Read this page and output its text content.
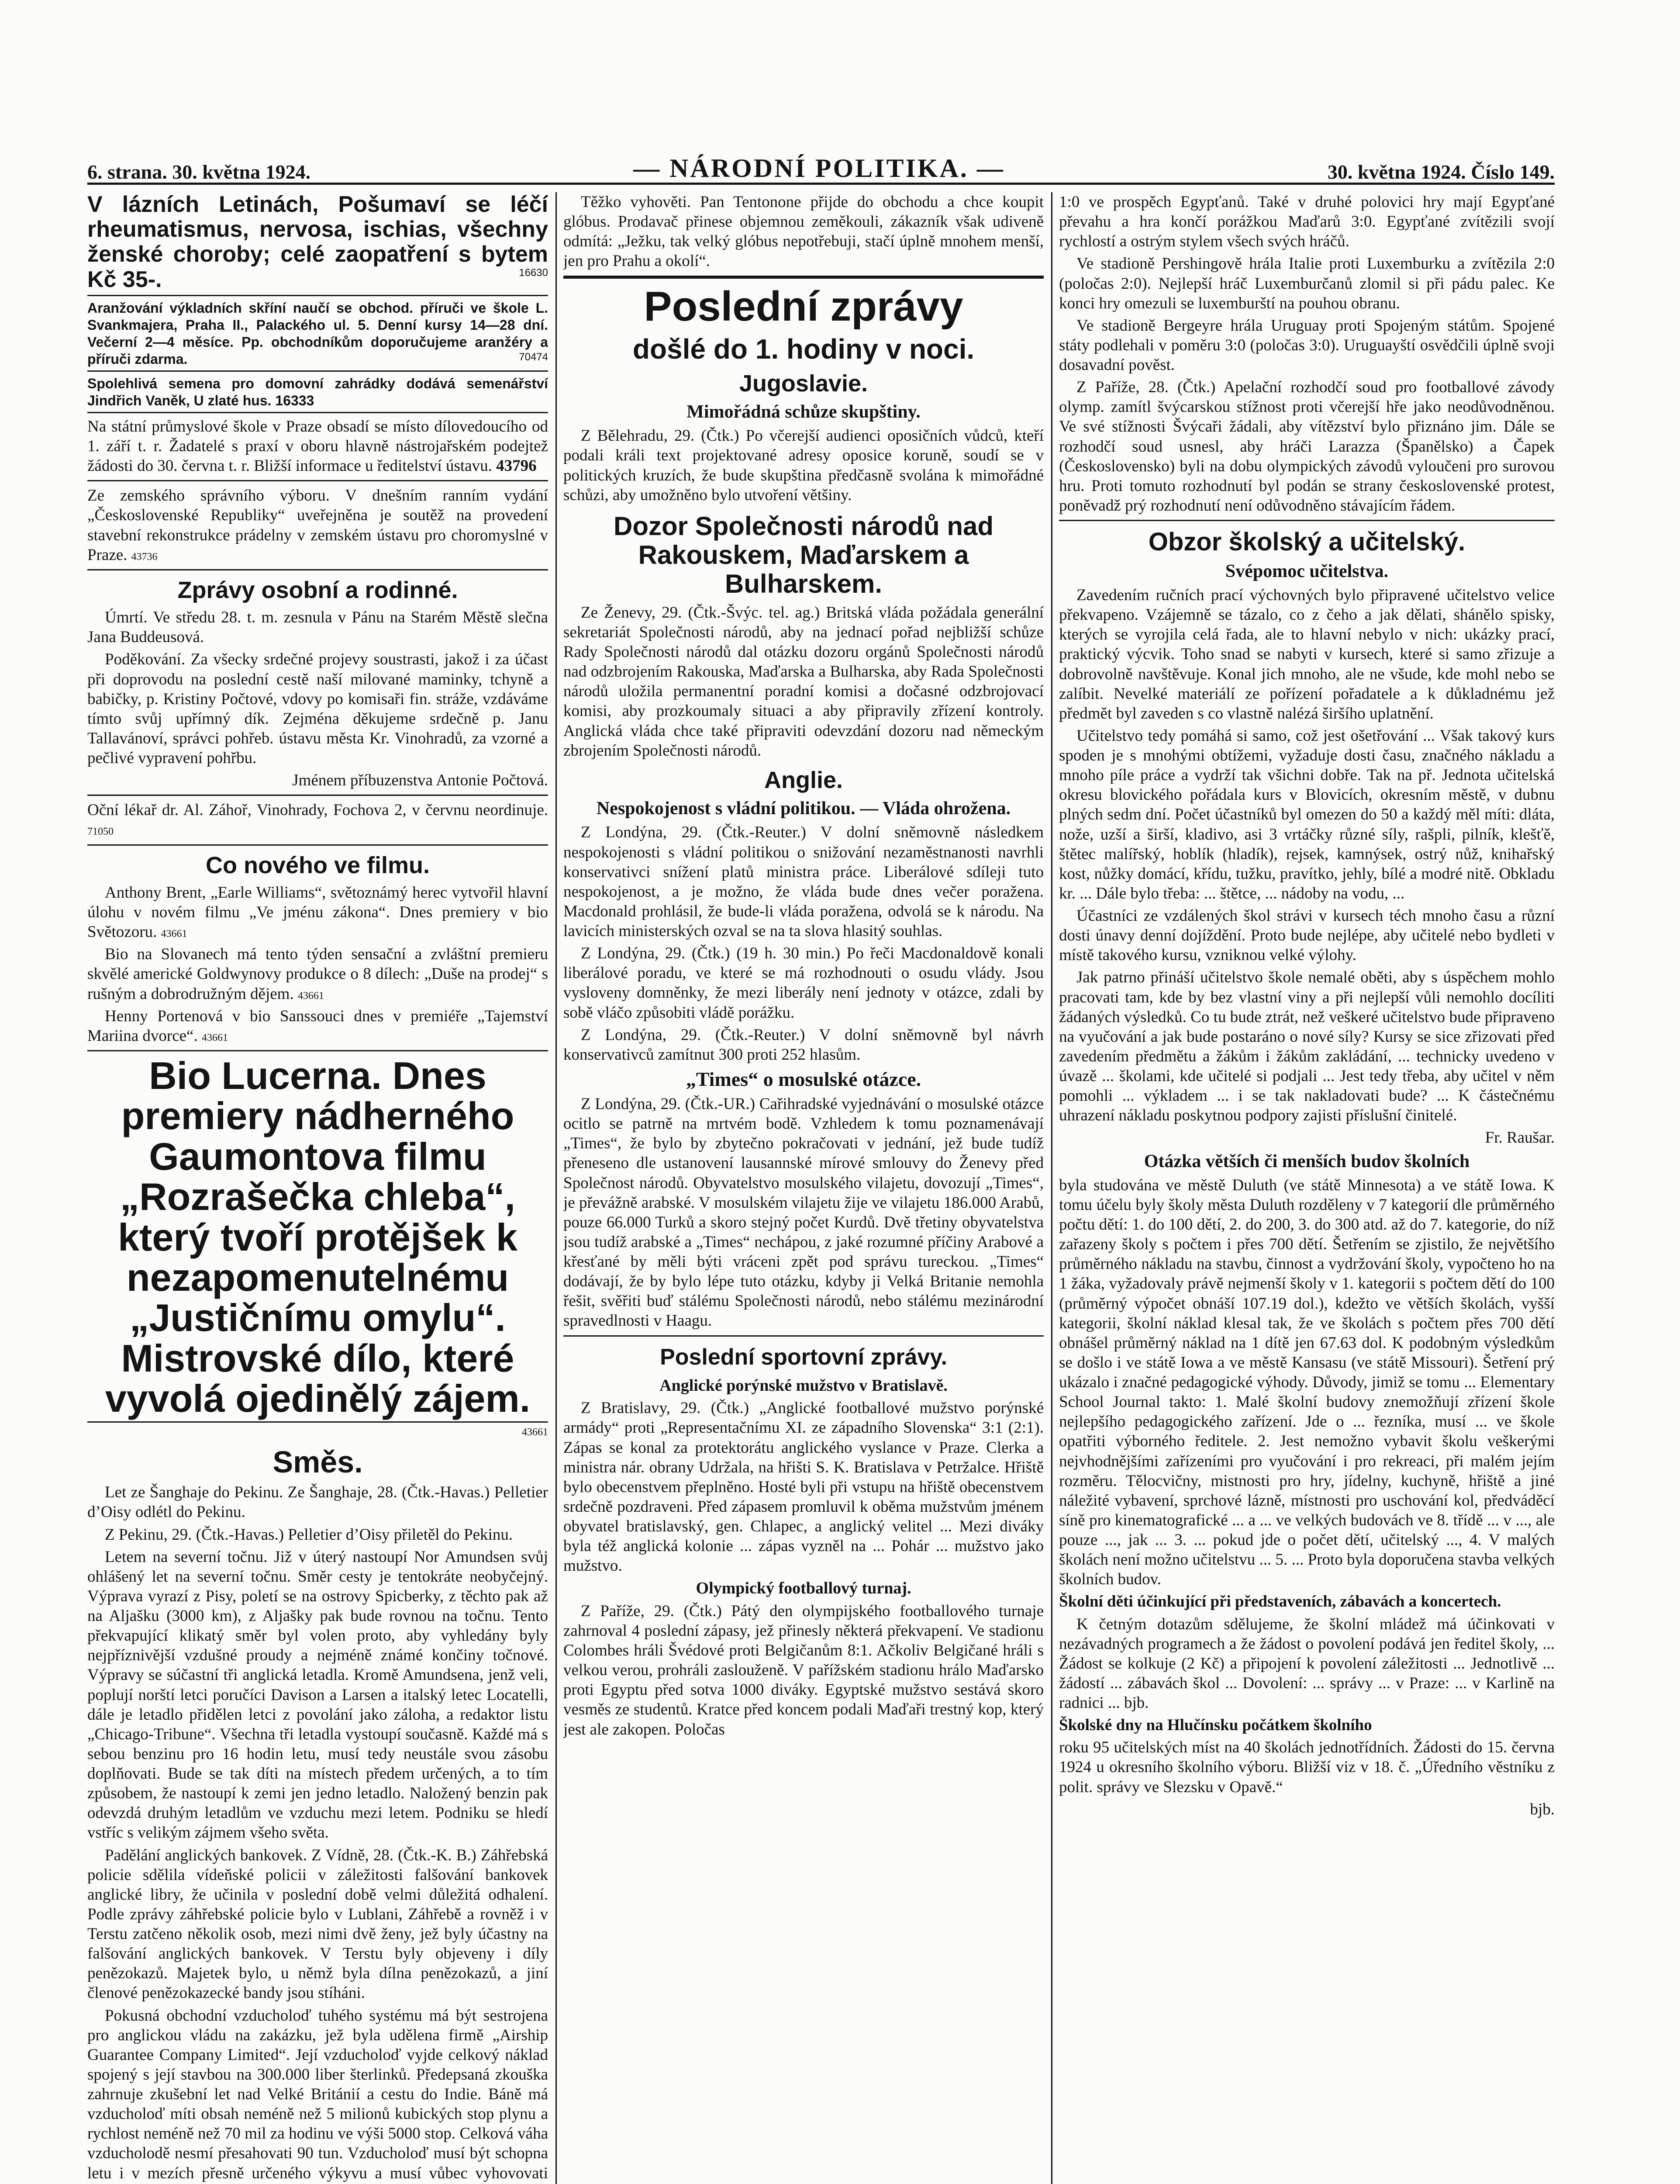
6. strana. 30. května 1924.	— NÁRODNÍ POLITIKA. —	30. května 1924. Číslo 149.

V lázních Letinách, Pošumaví se léčí rheumatismus, nervosa, ischias, všechny ženské choroby; celé zaopatření s bytem Kč 35-.	16630

Aranžování výkladních skříní naučí se obchod. příruči ve škole L. Svankmajera, Praha II., Palackého ul. 5. Denní kursy 14—28 dní. Večerní 2—4 měsíce. Pp. obchodníkům doporučujeme aranžéry a příruči zdarma.	70474

Spolehlivá semena pro domovní zahrádky dodává semenářství Jindřich Vaněk, U zlaté hus. 16333

Na státní průmyslové škole v Praze obsadí se místo dílovedoucího od 1. září t. r. Žadatelé s praxí v oboru hlavně nástrojařském podejtež žádosti do 30. června t. r. Bližší informace u ředitelství ústavu. 43796

Ze zemského správního výboru. V dnešním ranním vydání „Československé Republiky“ uveřejněna je soutěž na provedení stavební rekonstrukce prádelny v zemském ústavu pro choromyslné v Praze. 43736

Zprávy osobní a rodinné.

Úmrtí. Ve středu 28. t. m. zesnula v Pánu na Starém Městě slečna Jana Buddeusová.

Poděkování. Za všecky srdečné projevy soustrasti, jakož i za účast při doprovodu na poslední cestě naší milované maminky, tchyně a babičky, p. Kristiny Počtové, vdovy po komisaři fin. stráže, vzdáváme tímto svůj upřímný dík. Zejména děkujeme srdečně p. Janu Tallavánoví, správci pohřeb. ústavu města Kr. Vinohradů, za vzorné a pečlivé vypravení pohřbu.

Jménem příbuzenstva Antonie Počtová.

Oční lékař dr. Al. Záhoř, Vinohrady, Fochova 2, v červnu neordinuje. 71050

Co nového ve filmu.

Anthony Brent, „Earle Williams“, světoznámý herec vytvořil hlavní úlohu v novém filmu „Ve jménu zákona“. Dnes premiery v bio Světozoru. 43661

Bio na Slovanech má tento týden sensační a zvláštní premieru skvělé americké Goldwynovy produkce o 8 dílech: „Duše na prodej“ s rušným a dobrodružným dějem. 43661

Henny Portenová v bio Sanssouci dnes v premiéře „Tajemství Mariina dvorce“. 43661

Bio Lucerna. Dnes premiery nádherného Gaumontova filmu „Rozrašečka chleba“, který tvoří protějšek k nezapomenutelnému „Justičnímu omylu“. Mistrovské dílo, které vyvolá ojedinělý zájem.

43661

Směs.

Let ze Šanghaje do Pekinu. Ze Šanghaje, 28. (Čtk.-Havas.) Pelletier d’Oisy odlétl do Pekinu.

Z Pekinu, 29. (Čtk.-Havas.) Pelletier d’Oisy přiletěl do Pekinu.

Letem na severní točnu. Již v úterý nastoupí Nor Amundsen svůj ohlášený let na severní točnu. Směr cesty je tentokráte neobyčejný. Výprava vyrazí z Pisy, poletí se na ostrovy Spicberky, z těchto pak až na Aljašku (3000 km), z Aljašky pak bude rovnou na točnu. Tento překvapující klikatý směr byl volen proto, aby vyhledány byly nejpříznivější vzdušné proudy a nejméně známé končiny točnové. Výpravy se súčastní tři anglická letadla. Kromě Amundsena, jenž veli, poplují norští letci poručíci Davison a Larsen a italský letec Locatelli, dále je letadlo přidělen letci z povolání jako záloha, a redaktor listu „Chicago-Tribune“. Všechna tři letadla vystoupí současně. Každé má s sebou benzinu pro 16 hodin letu, musí tedy neustále svou zásobu doplňovati. Bude se tak díti na místech předem určených, a to tím způsobem, že nastoupí k zemi jen jedno letadlo. Naložený benzin pak odevzdá druhým letadlům ve vzduchu mezi letem. Podniku se hledí vstříc s velikým zájmem všeho světa.

Padělání anglických bankovek. Z Vídně, 28. (Čtk.-K. B.) Záhřebská policie sdělila vídeňské policii v záležitosti falšování bankovek anglické libry, že učinila v poslední době velmi důležitá odhalení. Podle zprávy záhřebské policie bylo v Lublani, Záhřebě a rovněž i v Terstu zatčeno několik osob, mezi nimi dvě ženy, jež byly účastny na falšování anglických bankovek. V Terstu byly objeveny i díly penězokazů. Majetek bylo, u němž byla dílna penězokazů, a jiní členové penězokazecké bandy jsou stíháni.

Pokusná obchodní vzducholoď tuhého systému má být sestrojena pro anglickou vládu na zakázku, jež byla udělena firmě „Airship Guarantee Company Limited“. Její vzducholoď vyjde celkový náklad spojený s její stavbou na 300.000 liber šterlinků. Předepsaná zkouška zahrnuje zkušební let nad Velké Británií a cestu do Indie. Báně má vzducholoď míti obsah neméně než 5 milionů kubických stop plynu a rychlost neméně než 70 mil za hodinu ve výši 5000 stop. Celková váha vzducholodě nesmí přesahovati 90 tun. Vzducholoď musí být schopna letu i v mezích přesně určeného výkyvu a musí vůbec vyhovovati

Těžko vyhověti. Pan Tentonone přijde do obchodu a chce koupit glóbus. Prodavač přinese objemnou zeměkouli, zákazník však udiveně odmítá: „Ježku, tak velký glóbus nepotřebuji, stačí úplně mnohem menší, jen pro Prahu a okolí“.

Poslední zprávy
došlé do 1. hodiny v noci.
Jugoslavie.
Mimořádná schůze skupštiny.

Z Bělehradu, 29. (Čtk.) Po včerejší audienci oposičních vůdců, kteří podali králi text projektované adresy oposice koruně, soudí se v politických kruzích, že bude skupština předčasně svolána k mimořádné schůzi, aby umožněno bylo utvoření většiny.

Dozor Společnosti národů nad Rakouskem, Maďarskem a Bulharskem.

Ze Ženevy, 29. (Čtk.-Švýc. tel. ag.) Britská vláda požádala generální sekretariát Společnosti národů, aby na jednací pořad nejbližší schůze Rady Společnosti národů dal otázku dozoru orgánů Společnosti národů nad odzbrojením Rakouska, Maďarska a Bulharska, aby Rada Společnosti národů uložila permanentní poradní komisi a dočasné odzbrojovací komisi, aby prozkoumaly situaci a aby připravily zřízení kontroly. Anglická vláda chce také připraviti odevzdání dozoru nad německým zbrojením Společnosti národů.

Anglie.
Nespokojenost s vládní politikou. — Vláda ohrožena.

Z Londýna, 29. (Čtk.-Reuter.) V dolní sněmovně následkem nespokojenosti s vládní politikou o snižování nezaměstnanosti navrhli konservativci snížení platů ministra práce. Liberálové sdíleji tuto nespokojenost, a je možno, že vláda bude dnes večer poražena. Macdonald prohlásil, že bude-li vláda poražena, odvolá se k národu. Na lavicích ministerských ozval se na ta slova hlasitý souhlas.

Z Londýna, 29. (Čtk.) (19 h. 30 min.) Po řeči Macdonaldově konali liberálové poradu, ve které se má rozhodnouti o osudu vlády. Jsou vysloveny domněnky, že mezi liberály není jednoty v otázce, zdali by sobě vláčo způsobiti vládě porážku.

Z Londýna, 29. (Čtk.-Reuter.) V dolní sněmovně byl návrh konservativců zamítnut 300 proti 252 hlasům.

„Times“ o mosulské otázce.

Z Londýna, 29. (Čtk.-UR.) Cařihradské vyjednávání o mosulské otázce ocitlo se patrně na mrtvém bodě. Vzhledem k tomu poznamenávají „Times“, že bylo by zbytečno pokračovati v jednání, jež bude tudíž přeneseno dle ustanovení lausannské mírové smlouvy do Ženevy před Společnost národů. Obyvatelstvo mosulského vilajetu, dovozují „Times“, je převážně arabské. V mosulském vilajetu žije ve vilajetu 186.000 Arabů, pouze 66.000 Turků a skoro stejný počet Kurdů. Dvě třetiny obyvatelstva jsou tudíž arabské a „Times“ nechápou, z jaké rozumné příčiny Arabové a křesťané by měli býti vráceni zpět pod správu tureckou. „Times“ dodávají, že by bylo lépe tuto otázku, kdyby ji Velká Britanie nemohla řešit, svěřiti buď stálému Společnosti národů, nebo stálému mezinárodní spravedlnosti v Haagu.

Poslední sportovní zprávy.
Anglické porýnské mužstvo v Bratislavě.

Z Bratislavy, 29. (Čtk.) „Anglické footballové mužstvo porýnské armády“ proti „Representačnímu XI. ze západního Slovenska“ 3:1 (2:1). Zápas se konal za protektorátu anglického vyslance v Praze. Clerka a ministra nár. obrany Udržala, na hřišti S. K. Bratislava v Petržalce. Hřiště bylo obecenstvem přeplněno. Hosté byli při vstupu na hřiště obecenstvem srdečně pozdraveni. Před zápasem promluvil k oběma mužstvům jménem obyvatel bratislavský, gen. Chlapec, a anglický velitel ... Mezi diváky byla též anglická kolonie ... zápas vyzněl na ... Pohár ... mužstvo jako mužstvo.

Olympický footballový turnaj.

Z Paříže, 29. (Čtk.) Pátý den olympijského footballového turnaje zahrnoval 4 poslední zápasy, jež přinesly některá překvapení. Ve stadionu Colombes hráli Švédové proti Belgičanům 8:1. Ačkoliv Belgičané hráli s velkou verou, prohráli zaslouženě. V pařížském stadionu hrálo Maďarsko proti Egyptu před sotva 1000 diváky. Egyptské mužstvo sestává skoro vesměs ze studentů. Kratce před koncem podali Maďaři trestný kop, který jest ale zakopen. Poločas

1:0 ve prospěch Egypťanů. Také v druhé polovici hry mají Egypťané převahu a hra končí porážkou Maďarů 3:0. Egypťané zvítězili svojí rychlostí a ostrým stylem všech svých hráčů.

Ve stadioně Pershingově hrála Italie proti Luxemburku a zvítězila 2:0 (poločas 2:0). Nejlepší hráč Luxemburčanů zlomil si při pádu palec. Ke konci hry omezuli se luxemburští na pouhou obranu.

Ve stadioně Bergeyre hrála Uruguay proti Spojeným státům. Spojené státy podlehali v poměru 3:0 (poločas 3:0). Uruguayští osvědčili úplně svoji dosavadní pověst.

Z Paříže, 28. (Čtk.) Apelační rozhodčí soud pro footballové závody olymp. zamítl švýcarskou stížnost proti včerejší hře jako neodůvodněnou. Ve své stížnosti Švýcaři žádali, aby vítězství bylo přiznáno jim. Dále se rozhodčí soud usnesl, aby hráči Larazza (Španělsko) a Čapek (Československo) byli na dobu olympických závodů vyloučeni pro surovou hru. Proti tomuto rozhodnutí byl podán se strany československé protest, poněvadž prý rozhodnutí není odůvodněno stávajícím řádem.

Obzor školský a učitelský.
Svépomoc učitelstva.

Zavedením ručních prací výchovných bylo připravené učitelstvo velice překvapeno. Vzájemně se tázalo, co z čeho a jak dělati, shánělo spisky, kterých se vyrojila celá řada, ale to hlavní nebylo v nich: ukázky prací, praktický výcvik. Toho snad se nabyti v kursech, které si samo zřizuje a dobrovolně navštěvuje. Konal jich mnoho, ale ne všude, kde mohl nebo se zalíbit. Nevelké materiálí ze pořízení pořadatele a k důkladnému jež předmět byl zaveden s co vlastně nalézá širšího uplatnění.

Učitelstvo tedy pomáhá si samo, což jest ošetřování ... Však takový kurs spoden je s mnohými obtížemi, vyžaduje dosti času, značného nákladu a mnoho píle práce a vydrží tak všichni dobře. Tak na př. Jednota učitelská okresu blovického pořádala kurs v Blovicích, okresním městě, v dubnu plných sedm dní. Počet účastníků byl omezen do 50 a každý měl míti: dláta, nože, uzší a širší, kladivo, asi 3 vrtáčky různé síly, rašpli, pilník, klešťě, štětec malířský, hoblík (hladík), rejsek, kamnýsek, ostrý nůž, knihařský kost, nůžky domácí, křídu, tužku, pravítko, jehly, bílé a modré nitě. Obkladu kr. ... Dále bylo třeba: ... štětce, ... nádoby na vodu, ...

Účastníci ze vzdálených škol strávi v kursech téch mnoho času a různí dosti únavy denní dojíždění. Proto bude nejlépe, aby učitelé nebo bydleti v místě takového kursu, vzniknou velké výlohy.

Jak patrno přináší učitelstvo škole nemalé oběti, aby s úspěchem mohlo pracovati tam, kde by bez vlastní viny a při nejlepší vůli nemohlo docíliti žádaných výsledků. Co tu bude ztrát, než veškeré učitelstvo bude připraveno na vyučování a jak bude postaráno o nové síly? Kursy se sice zřizovati před zavedením předmětu a žákům i žákům zakládání, ... technicky uvedeno v úvazě ... školami, kde učitelé si podjali ... Jest tedy třeba, aby učitel v něm pomohli ... výkladem ... i se tak nakladovati bude? ... K částečnému uhrazení nákladu poskytnou podpory zajisti příslušní činitelé.

Fr. Raušar.

Otázka větších či menších budov školních

byla studována ve městě Duluth (ve státě Minnesota) a ve státě Iowa. K tomu účelu byly školy města Duluth rozděleny v 7 kategorií dle průměrného počtu dětí: 1. do 100 dětí, 2. do 200, 3. do 300 atd. až do 7. kategorie, do níž zařazeny školy s počtem i přes 700 dětí. Šetřením se zjistilo, že největšího průměrného nákladu na stavbu, činnost a vydržování školy, vypočteno ho na 1 žáka, vyžadovaly právě nejmenší školy v 1. kategorii s počtem dětí do 100 (průměrný výpočet obnáší 107.19 dol.), kdežto ve větších školách, vyšší kategorii, školní náklad klesal tak, že ve školách s počtem přes 700 dětí obnášel průměrný náklad na 1 dítě jen 67.63 dol. K podobným výsledkům se došlo i ve státě Iowa a ve městě Kansasu (ve státě Missouri). Šetření prý ukázalo i značné pedagogické výhody. Důvody, jimiž se tomu ... Elementary School Journal takto: 1. Malé školní budovy znemožňují zřízení škole nejlepšího pedagogického zařízení. Jde o ... řezníka, musí ... ve škole opatřiti výborného ředitele. 2. Jest nemožno vybavit školu veškerými nejvhodnějšími zařízeními pro vyučování i pro rekreaci, při malém jejím rozměru. Tělocvičny, mistnosti pro hry, jídelny, kuchyně, hřiště a jiné náležité vybavení, sprchové lázně, místnosti pro uschování kol, předváděcí síně pro kinematografické ... a ... ve velkých budovách ve 8. třídě ... v ..., ale pouze ..., jak ... 3. ... pokud jde o počet dětí, učitelský ..., 4. V malých školách není možno učitelstvu ... 5. ... Proto byla doporučena stavba velkých školních budov.

Školní děti účinkující při představeních, zábavách a koncertech.

K četným dotazům sdělujeme, že školní mládež má účinkovati v nezávadných programech a že žádost o povolení podává jen ředitel školy, ... Žádost se kolkuje (2 Kč) a připojení k povolení záležitosti ... Jednotlivě ... žádostí ... zábavách škol ... Dovolení: ... správy ... v Praze: ... v Karlině na radnici ... bjb.

Školské dny na Hlučínsku počátkem školního

roku 95 učitelských míst na 40 školách jednotřídních. Žádosti do 15. června 1924 u okresního školního výboru. Bližší viz v 18. č. „Úředního věstníku z polit. správy ve Slezsku v Opavě.“

bjb.
